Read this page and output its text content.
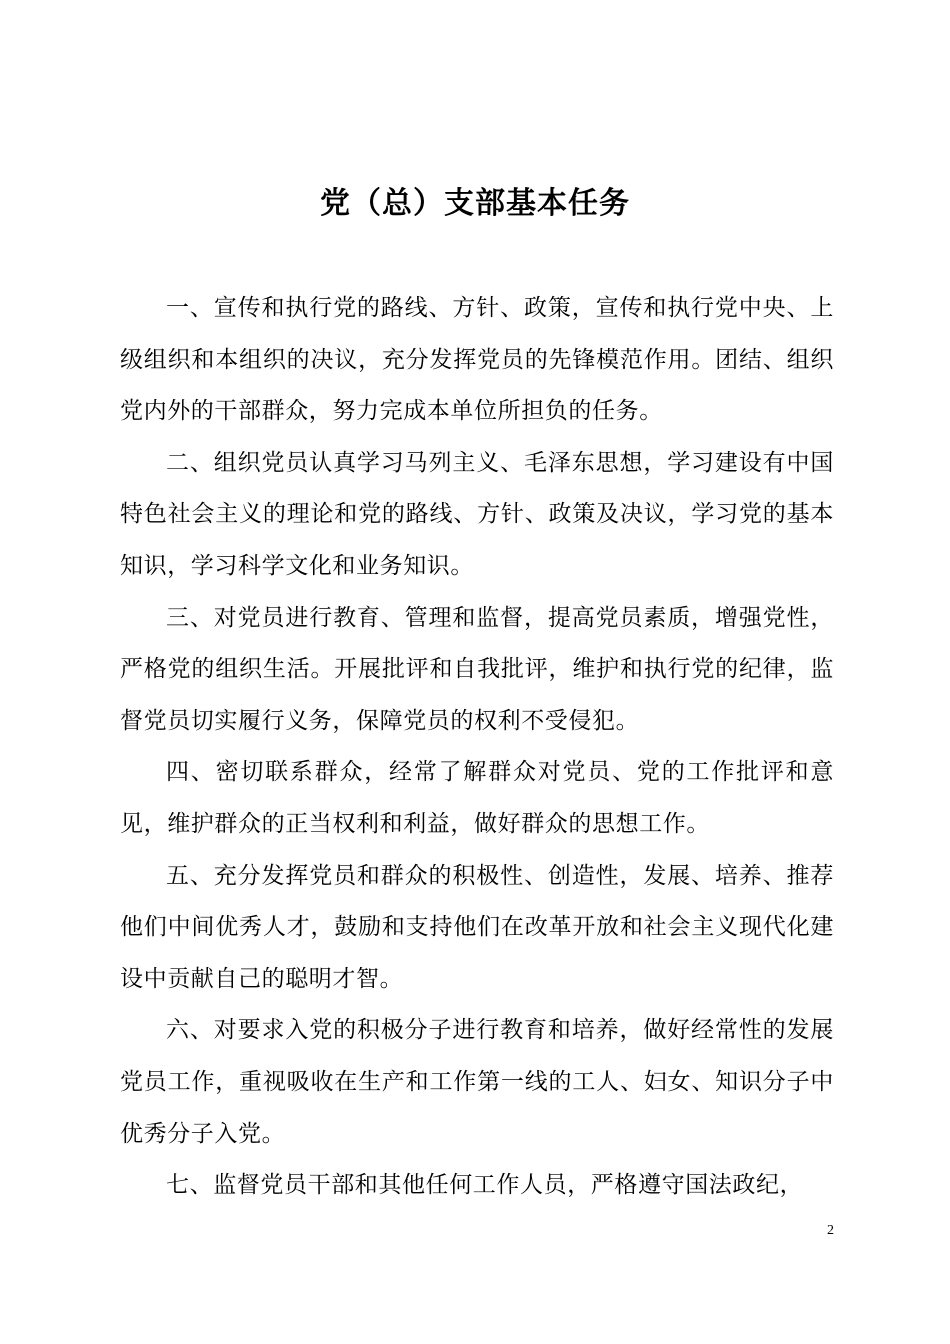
党（总）支部基本任务

一、宣传和执行党的路线、方针、政策，宣传和执行党中央、上级组织和本组织的决议，充分发挥党员的先锋模范作用。团结、组织党内外的干部群众，努力完成本单位所担负的任务。

二、组织党员认真学习马列主义、毛泽东思想，学习建设有中国特色社会主义的理论和党的路线、方针、政策及决议，学习党的基本知识，学习科学文化和业务知识。

三、对党员进行教育、管理和监督，提高党员素质，增强党性，严格党的组织生活。开展批评和自我批评，维护和执行党的纪律，监督党员切实履行义务，保障党员的权利不受侵犯。

四、密切联系群众，经常了解群众对党员、党的工作批评和意见，维护群众的正当权利和利益，做好群众的思想工作。

五、充分发挥党员和群众的积极性、创造性，发展、培养、推荐他们中间优秀人才，鼓励和支持他们在改革开放和社会主义现代化建设中贡献自己的聪明才智。

六、对要求入党的积极分子进行教育和培养，做好经常性的发展党员工作，重视吸收在生产和工作第一线的工人、妇女、知识分子中优秀分子入党。

七、监督党员干部和其他任何工作人员，严格遵守国法政纪，

2
